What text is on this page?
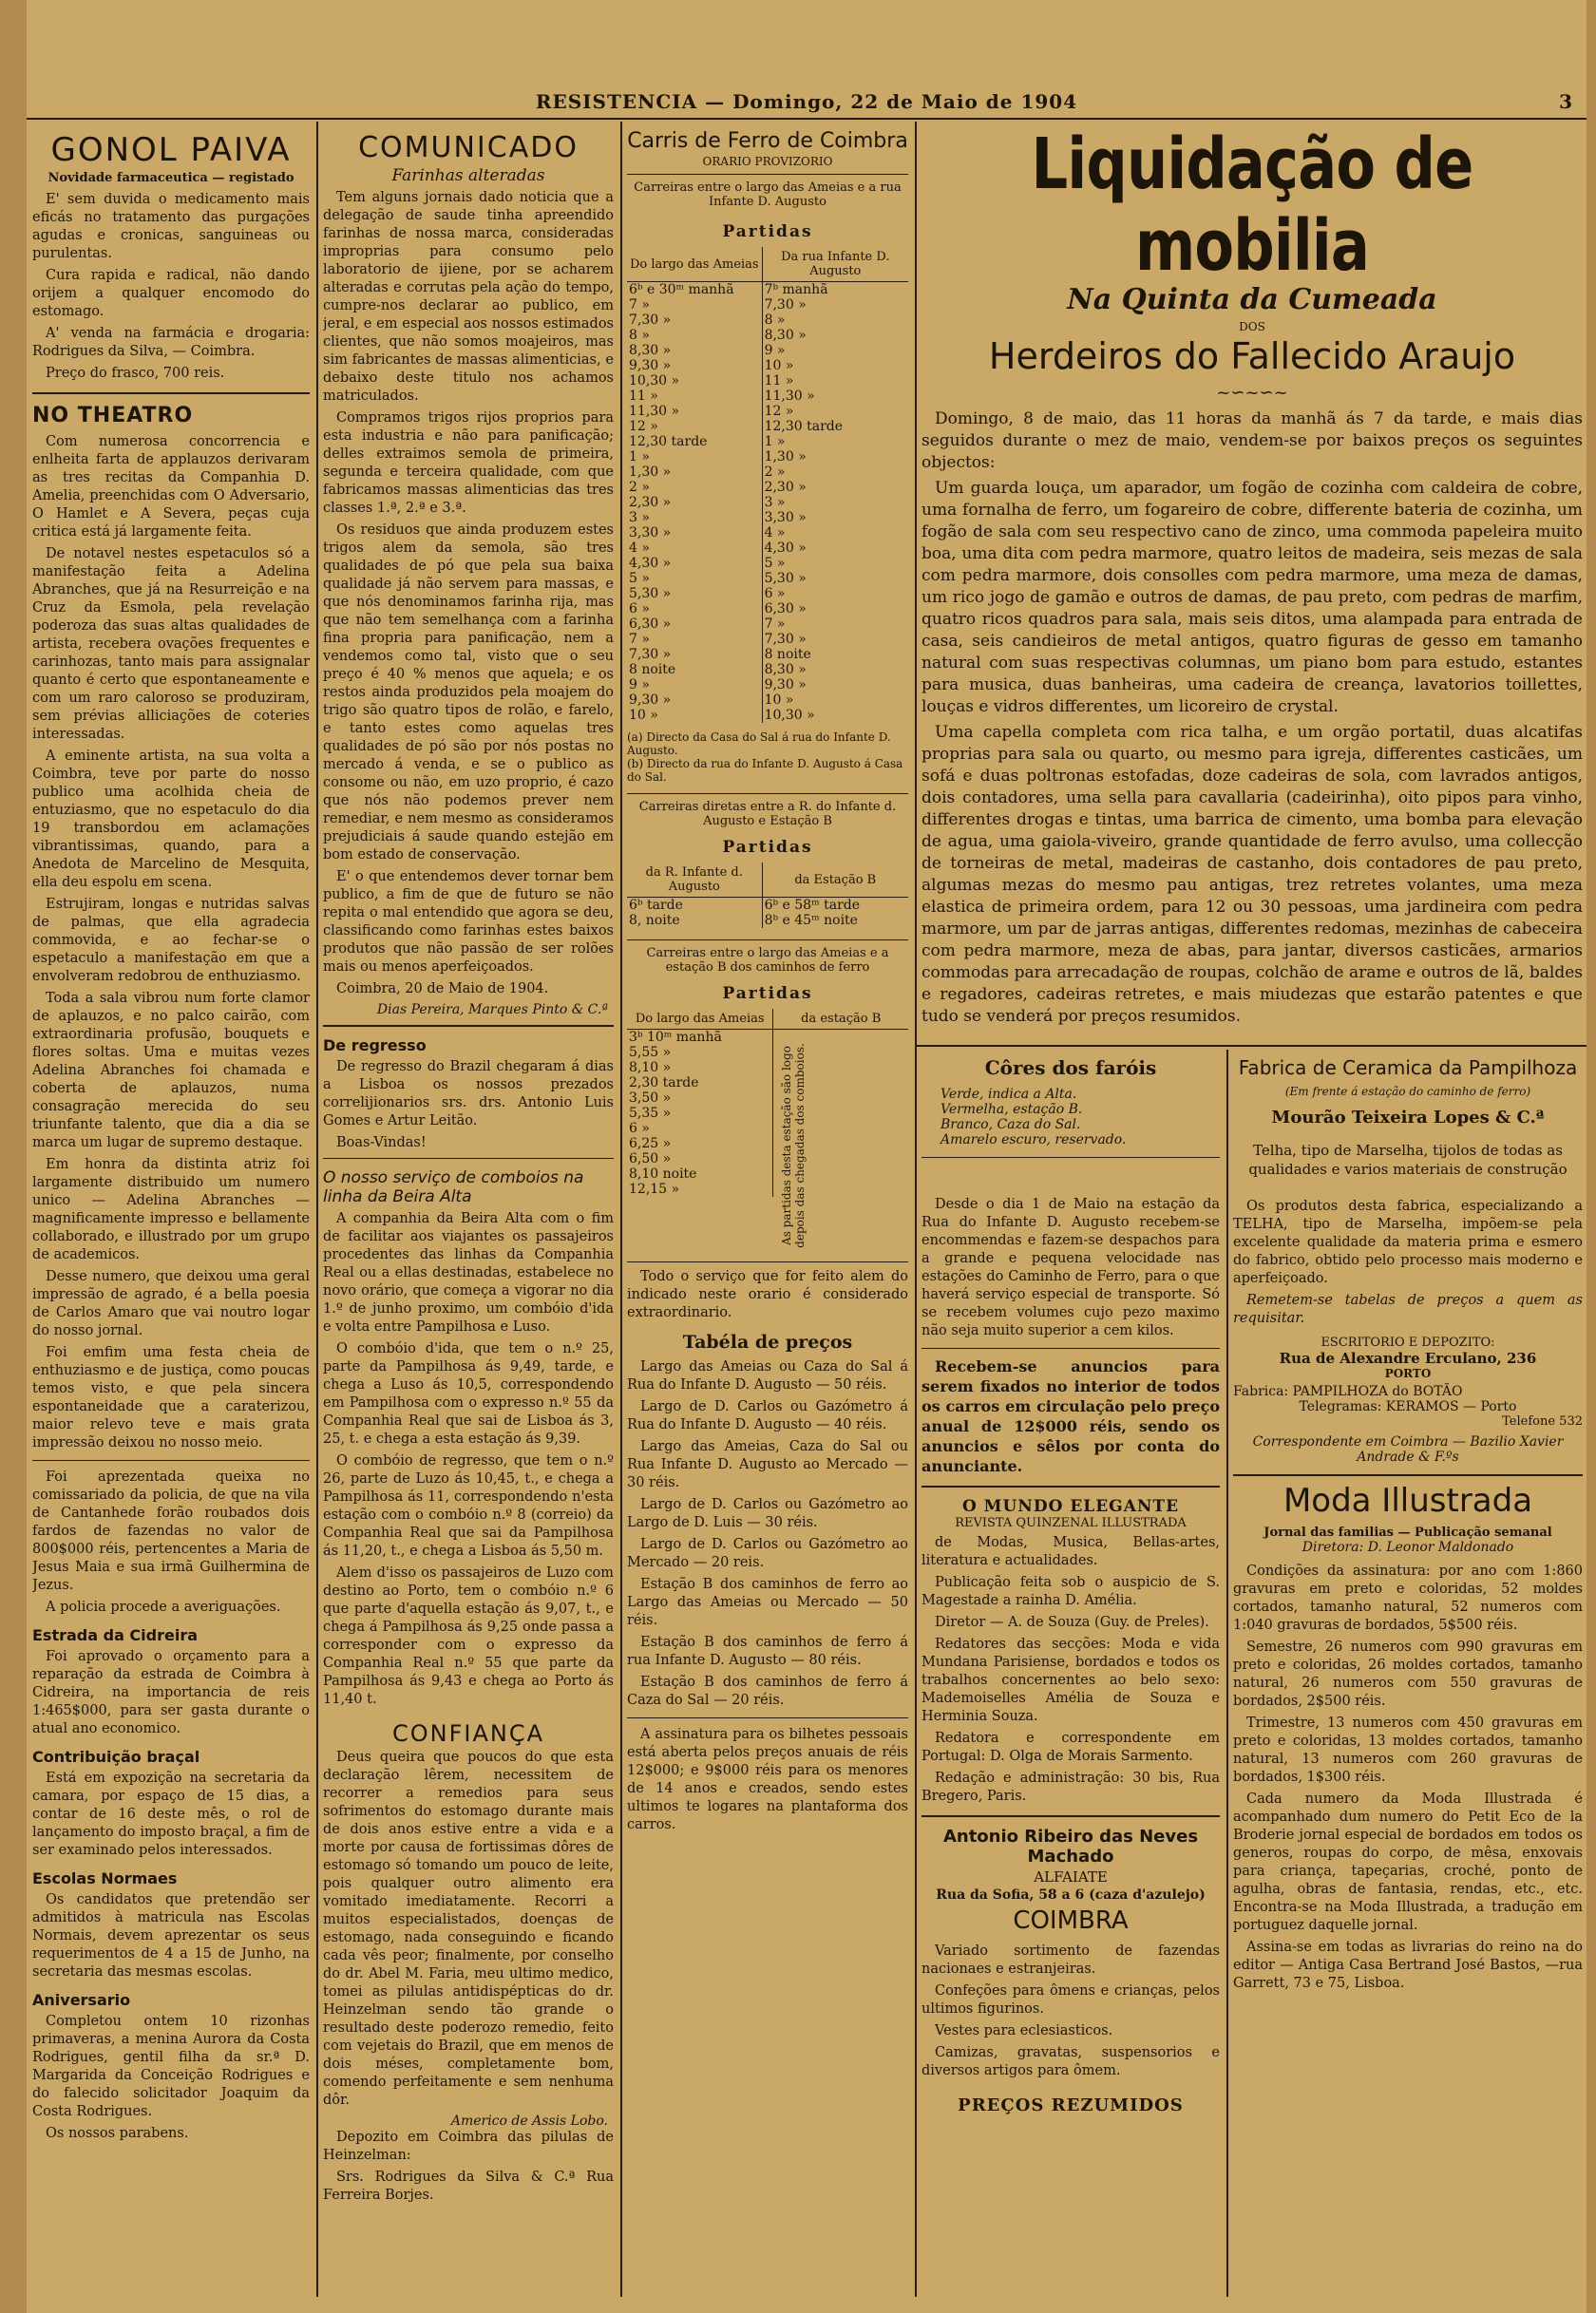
RESISTENCIA — Domingo, 22 de Maio de 1904	3
GONOL PAIVA
Novidade farmaceutica — registado

E' sem duvida o medicamento mais eficás no tratamento das purgações agudas e cronicas, sanguineas ou purulentas.

Cura rapida e radical, não dando orijem a qualquer encomodo do estomago.

A' venda na farmácia e drogaria: Rodrigues da Silva, — Coimbra.

Preço do frasco, 700 reis.

NO THEATRO

Com numerosa concorrencia e enlheita farta de applauzos derivaram as tres recitas da Companhia D. Amelia, preenchidas com O Adversario, O Hamlet e A Severa, peças cuja critica está já largamente feita.

De notavel nestes espetaculos só a manifestação feita a Adelina Abranches, que já na Resurreição e na Cruz da Esmola, pela revelação poderoza das suas altas qualidades de artista, recebera ovações frequentes e carinhozas, tanto mais para assignalar quanto é certo que espontaneamente e com um raro caloroso se produziram, sem prévias alliciações de coteries interessadas.

A eminente artista, na sua volta a Coimbra, teve por parte do nosso publico uma acolhida cheia de entuziasmo, que no espetaculo do dia 19 transbordou em aclamações vibrantissimas, quando, para a Anedota de Marcelino de Mesquita, ella deu espolu em scena.

Estrujiram, longas e nutridas salvas de palmas, que ella agradecia commovida, e ao fechar-se o espetaculo a manifestação em que a envolveram redobrou de enthuziasmo.

Toda a sala vibrou num forte clamor de aplauzos, e no palco cairão, com extraordinaria profusão, bouquets e flores soltas. Uma e muitas vezes Adelina Abranches foi chamada e coberta de aplauzos, numa consagração merecida do seu triunfante talento, que dia a dia se marca um lugar de supremo destaque.

Em honra da distinta atriz foi largamente distribuido um numero unico — Adelina Abranches — magnificamente impresso e bellamente collaborado, e illustrado por um grupo de academicos.

Desse numero, que deixou uma geral impressão de agrado, é a bella poesia de Carlos Amaro que vai noutro logar do nosso jornal.

Foi emfim uma festa cheia de enthuziasmo e de justiça, como poucas temos visto, e que pela sincera espontaneidade que a caraterizou, maior relevo teve e mais grata impressão deixou no nosso meio.

Foi aprezentada queixa no comissariado da policia, de que na vila de Cantanhede forão roubados dois fardos de fazendas no valor de 800$000 réis, pertencentes a Maria de Jesus Maia e sua irmã Guilhermina de Jezus.

A policia procede a averiguações.

Estrada da Cidreira

Foi aprovado o orçamento para a reparação da estrada de Coimbra à Cidreira, na importancia de reis 1:465$000, para ser gasta durante o atual ano economico.

Contribuição braçal

Está em expozição na secretaria da camara, por espaço de 15 dias, a contar de 16 deste mês, o rol de lançamento do imposto braçal, a fim de ser examinado pelos interessados.

Escolas Normaes

Os candidatos que pretendão ser admitidos à matricula nas Escolas Normais, devem aprezentar os seus requerimentos de 4 a 15 de Junho, na secretaria das mesmas escolas.

Aniversario

Completou ontem 10 rizonhas primaveras, a menina Aurora da Costa Rodrigues, gentil filha da sr.ª D. Margarida da Conceição Rodrigues e do falecido solicitador Joaquim da Costa Rodrigues.

Os nossos parabens.

COMUNICADO
Farinhas alteradas

Tem alguns jornais dado noticia que a delegação de saude tinha apreendido farinhas de nossa marca, consideradas improprias para consumo pelo laboratorio de ijiene, por se acharem alteradas e corrutas pela ação do tempo, cumpre-nos declarar ao publico, em jeral, e em especial aos nossos estimados clientes, que não somos moajeiros, mas sim fabricantes de massas alimenticias, e debaixo deste titulo nos achamos matriculados.

Compramos trigos rijos proprios para esta industria e não para panificação; delles extraimos semola de primeira, segunda e terceira qualidade, com que fabricamos massas alimenticias das tres classes 1.ª, 2.ª e 3.ª.

Os residuos que ainda produzem estes trigos alem da semola, são tres qualidades de pó que pela sua baixa qualidade já não servem para massas, e que nós denominamos farinha rija, mas que não tem semelhança com a farinha fina propria para panificação, nem a vendemos como tal, visto que o seu preço é 40 % menos que aquela; e os restos ainda produzidos pela moajem do trigo são quatro tipos de rolão, e farelo, e tanto estes como aquelas tres qualidades de pó são por nós postas no mercado á venda, e se o publico as consome ou não, em uzo proprio, é cazo que nós não podemos prever nem remediar, e nem mesmo as consideramos prejudiciais á saude quando estejão em bom estado de conservação.

E' o que entendemos dever tornar bem publico, a fim de que de futuro se não repita o mal entendido que agora se deu, classificando como farinhas estes baixos produtos que não passão de ser rolões mais ou menos aperfeiçoados.

Coimbra, 20 de Maio de 1904.

Dias Pereira, Marques Pinto & C.ª
De regresso

De regresso do Brazil chegaram á dias a Lisboa os nossos prezados correlijionarios srs. drs. Antonio Luis Gomes e Artur Leitão.

Boas-Vindas!

O nosso serviço de comboios na linha da Beira Alta

A companhia da Beira Alta com o fim de facilitar aos viajantes os passajeiros procedentes das linhas da Companhia Real ou a ellas destinadas, estabelece no novo orário, que começa a vigorar no dia 1.º de junho proximo, um combóio d'ida e volta entre Pampilhosa e Luso.

O combóio d'ida, que tem o n.º 25, parte da Pampilhosa ás 9,49, tarde, e chega a Luso ás 10,5, correspondendo em Pampilhosa com o expresso n.º 55 da Companhia Real que sai de Lisboa ás 3, 25, t. e chega a esta estação ás 9,39.

O combóio de regresso, que tem o n.º 26, parte de Luzo ás 10,45, t., e chega a Pampilhosa ás 11, correspondendo n'esta estação com o combóio n.º 8 (correio) da Companhia Real que sai da Pampilhosa ás 11,20, t., e chega a Lisboa ás 5,50 m.

Alem d'isso os passajeiros de Luzo com destino ao Porto, tem o combóio n.º 6 que parte d'aquella estação ás 9,07, t., e chega á Pampilhosa ás 9,25 onde passa a corresponder com o expresso da Companhia Real n.º 55 que parte da Pampilhosa ás 9,43 e chega ao Porto ás 11,40 t.

CONFIANÇA

Deus queira que poucos do que esta declaração lêrem, necessitem de recorrer a remedios para seus sofrimentos do estomago durante mais de dois anos estive entre a vida e a morte por causa de fortissimas dôres de estomago só tomando um pouco de leite, pois qualquer outro alimento era vomitado imediatamente. Recorri a muitos especialistados, doenças de estomago, nada conseguindo e ficando cada vês peor; finalmente, por conselho do dr. Abel M. Faria, meu ultimo medico, tomei as pilulas antidispépticas do dr. Heinzelman sendo tão grande o resultado deste poderozo remedio, feito com vejetais do Brazil, que em menos de dois méses, completamente bom, comendo perfeitamente e sem nenhuma dôr.

Americo de Assis Lobo.

Depozito em Coimbra das pilulas de Heinzelman:

Srs. Rodrigues da Silva & C.ª Rua Ferreira Borjes.

Carris de Ferro de Coimbra
ORARIO PROVIZORIO
Carreiras entre o largo das Ameias e a rua Infante D. Augusto
Partidas
Do largo das Ameias	Da rua Infante D. Augusto
6ᵇ e 30ᵐ manhã	7ᵇ manhã
7 »	7,30 »
7,30 »	8 »
8 »	8,30 »
8,30 »	9 »
9,30 »	10 »
10,30 »	11 »
11 »	11,30 »
11,30 »	12 »
12 »	12,30 tarde
12,30 tarde	1 »
1 »	1,30 »
1,30 »	2 »
2 »	2,30 »
2,30 »	3 »
3 »	3,30 »
3,30 »	4 »
4 »	4,30 »
4,30 »	5 »
5 »	5,30 »
5,30 »	6 »
6 »	6,30 »
6,30 »	7 »
7 »	7,30 »
7,30 »	8 noite
8 noite	8,30 »
9 »	9,30 »
9,30 »	10 »
10 »	10,30 »
(a) Directo da Casa do Sal á rua do Infante D. Augusto.
(b) Directo da rua do Infante D. Augusto á Casa do Sal.
Carreiras diretas entre a R. do Infante d. Augusto e Estação B
Partidas
da R. Infante d. Augusto	da Estação B
6ᵇ tarde	6ᵇ e 58ᵐ tarde
8, noite	8ᵇ e 45ᵐ noite
Carreiras entre o largo das Ameias e a estação B dos caminhos de ferro
Partidas
Do largo das Ameias	da estação B
3ᵇ 10ᵐ manhã	
5,55 »	
8,10 »	
2,30 tarde	
3,50 »	
5,35 »	
6 »	
6,25 »	
6,50 »	
8,10 noite	
12,15 »		As partidas desta estação são logo depois das chegadas dos comboios.

Todo o serviço que for feito alem do indicado neste orario é considerado extraordinario.

Tabéla de preços

Largo das Ameias ou Caza do Sal á Rua do Infante D. Augusto — 50 réis.

Largo de D. Carlos ou Gazómetro á Rua do Infante D. Augusto — 40 réis.

Largo das Ameias, Caza do Sal ou Rua Infante D. Augusto ao Mercado — 30 réis.

Largo de D. Carlos ou Gazómetro ao Largo de D. Luis — 30 réis.

Largo de D. Carlos ou Gazómetro ao Mercado — 20 reis.

Estação B dos caminhos de ferro ao Largo das Ameias ou Mercado — 50 réis.

Estação B dos caminhos de ferro á rua Infante D. Augusto — 80 réis.

Estação B dos caminhos de ferro á Caza do Sal — 20 réis.

A assinatura para os bilhetes pessoais está aberta pelos preços anuais de réis 12$000; e 9$000 réis para os menores de 14 anos e creados, sendo estes ultimos te logares na plantaforma dos carros.

Liquidação de mobilia
Na Quinta da Cumeada
DOS
Herdeiros do Fallecido Araujo
~∽~∽~

Domingo, 8 de maio, das 11 horas da manhã ás 7 da tarde, e mais dias seguidos durante o mez de maio, vendem-se por baixos preços os seguintes objectos:

Um guarda louça, um aparador, um fogão de cozinha com caldeira de cobre, uma fornalha de ferro, um fogareiro de cobre, differente bateria de cozinha, um fogão de sala com seu respectivo cano de zinco, uma commoda papeleira muito boa, uma dita com pedra marmore, quatro leitos de madeira, seis mezas de sala com pedra marmore, dois consolles com pedra marmore, uma meza de damas, um rico jogo de gamão e outros de damas, de pau preto, com pedras de marfim, quatro ricos quadros para sala, mais seis ditos, uma alampada para entrada de casa, seis candieiros de metal antigos, quatro figuras de gesso em tamanho natural com suas respectivas columnas, um piano bom para estudo, estantes para musica, duas banheiras, uma cadeira de creança, lavatorios toillettes, louças e vidros differentes, um licoreiro de crystal.

Uma capella completa com rica talha, e um orgão portatil, duas alcatifas proprias para sala ou quarto, ou mesmo para igreja, differentes casticães, um sofá e duas poltronas estofadas, doze cadeiras de sola, com lavrados antigos, dois contadores, uma sella para cavallaria (cadeirinha), oito pipos para vinho, differentes drogas e tintas, uma barrica de cimento, uma bomba para elevação de agua, uma gaiola-viveiro, grande quantidade de ferro avulso, uma collecção de torneiras de metal, madeiras de castanho, dois contadores de pau preto, algumas mezas do mesmo pau antigas, trez retretes volantes, uma meza elastica de primeira ordem, para 12 ou 30 pessoas, uma jardineira com pedra marmore, um par de jarras antigas, differentes redomas, mezinhas de cabeceira com pedra marmore, meza de abas, para jantar, diversos casticães, armarios commodas para arrecadação de roupas, colchão de arame e outros de lã, baldes e regadores, cadeiras retretes, e mais miudezas que estarão patentes e que tudo se venderá por preços resumidos.

Côres dos faróis
Verde, indica a Alta.
Vermelha, estação B.
Branco, Caza do Sal.
Amarelo escuro, reservado.

Desde o dia 1 de Maio na estação da Rua do Infante D. Augusto recebem-se encommendas e fazem-se despachos para a grande e pequena velocidade nas estações do Caminho de Ferro, para o que haverá serviço especial de transporte. Só se recebem volumes cujo pezo maximo não seja muito superior a cem kilos.

Recebem-se anuncios para serem fixados no interior de todos os carros em circulação pelo preço anual de 12$000 réis, sendo os anuncios e sêlos por conta do anunciante.

O MUNDO ELEGANTE
REVISTA QUINZENAL ILLUSTRADA

de Modas, Musica, Bellas-artes, literatura e actualidades.

Publicação feita sob o auspicio de S. Magestade a rainha D. Amélia.

Diretor — A. de Souza (Guy. de Preles).

Redatores das secções: Moda e vida Mundana Parisiense, bordados e todos os trabalhos concernentes ao belo sexo: Mademoiselles Amélia de Souza e Herminia Souza.

Redatora e correspondente em Portugal: D. Olga de Morais Sarmento.

Redação e administração: 30 bis, Rua Bregero, Paris.

Antonio Ribeiro das Neves Machado
ALFAIATE
Rua da Sofia, 58 a 6 (caza d'azulejo)
COIMBRA

Variado sortimento de fazendas nacionaes e estranjeiras.

Confeções para ômens e crianças, pelos ultimos figurinos.

Vestes para eclesiasticos.

Camizas, gravatas, suspensorios e diversos artigos para ômem.

PREÇOS REZUMIDOS
Fabrica de Ceramica da Pampilhoza
(Em frente á estação do caminho de ferro)
Mourão Teixeira Lopes & C.ª
Telha, tipo de Marselha, tijolos de todas as qualidades e varios materiais de construção

Os produtos desta fabrica, especializando a TELHA, tipo de Marselha, impõem-se pela excelente qualidade da materia prima e esmero do fabrico, obtido pelo processo mais moderno e aperfeiçoado.

Remetem-se tabelas de preços a quem as requisitar.

ESCRITORIO E DEPOZITO:
Rua de Alexandre Erculano, 236
PORTO
Fabrica: PAMPILHOZA do BOTÃO
Telegramas: KERAMOS — Porto
Telefone 532
Correspondente em Coimbra — Bazilio Xavier Andrade & F.ºs
Moda Illustrada
Jornal das familias — Publicação semanal
Diretora: D. Leonor Maldonado

Condições da assinatura: por ano com 1:860 gravuras em preto e coloridas, 52 moldes cortados, tamanho natural, 52 numeros com 1:040 gravuras de bordados, 5$500 réis.

Semestre, 26 numeros com 990 gravuras em preto e coloridas, 26 moldes cortados, tamanho natural, 26 numeros com 550 gravuras de bordados, 2$500 réis.

Trimestre, 13 numeros com 450 gravuras em preto e coloridas, 13 moldes cortados, tamanho natural, 13 numeros com 260 gravuras de bordados, 1$300 réis.

Cada numero da Moda Illustrada é acompanhado dum numero do Petit Eco de la Broderie jornal especial de bordados em todos os generos, roupas do corpo, de mêsa, enxovais para criança, tapeçarias, croché, ponto de agulha, obras de fantasia, rendas, etc., etc. Encontra-se na Moda Illustrada, a tradução em portuguez daquelle jornal.

Assina-se em todas as livrarias do reino na do editor — Antiga Casa Bertrand José Bastos, —rua Garrett, 73 e 75, Lisboa.
